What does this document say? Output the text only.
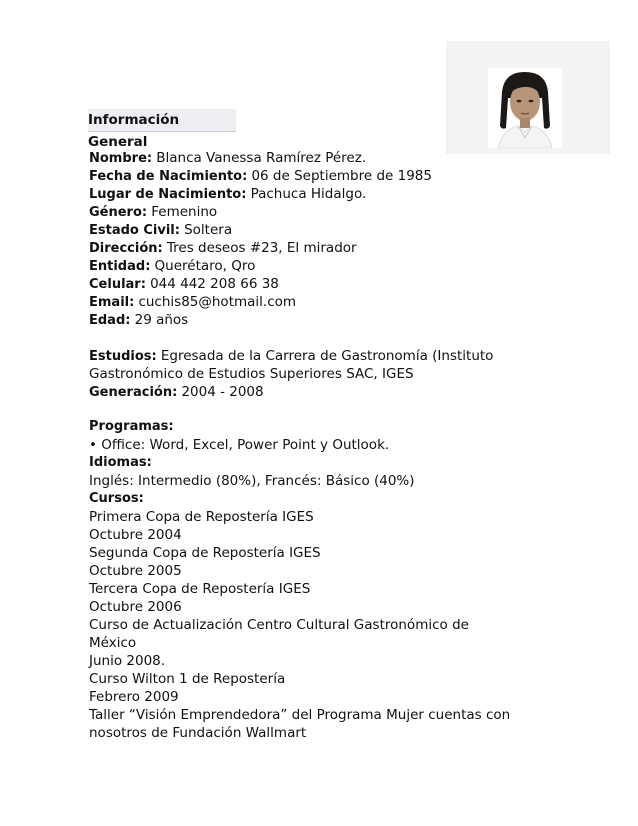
Información General
Nombre: Blanca Vanessa Ramírez Pérez.
Fecha de Nacimiento: 06 de Septiembre de 1985
Lugar de Nacimiento: Pachuca Hidalgo.
Género: Femenino
Estado Civil: Soltera
Dirección: Tres deseos #23, El mirador
Entidad: Querétaro, Qro
Celular: 044 442 208 66 38
Email: cuchis85@hotmail.com
Edad: 29 años
Estudios: Egresada de la Carrera de Gastronomía (Instituto
Gastronómico de Estudios Superiores SAC, IGES
Generación: 2004 - 2008
Programas:
• Office: Word, Excel, Power Point y Outlook.
Idiomas:
Inglés: Intermedio (80%), Francés: Básico (40%)
Cursos:
Primera Copa de Repostería IGES
Octubre 2004
Segunda Copa de Repostería IGES
Octubre 2005
Tercera Copa de Repostería IGES
Octubre 2006
Curso de Actualización Centro Cultural Gastronómico de
México
Junio 2008.
Curso Wilton 1 de Repostería
Febrero 2009
Taller “Visión Emprendedora” del Programa Mujer cuentas con
nosotros de Fundación Wallmart
